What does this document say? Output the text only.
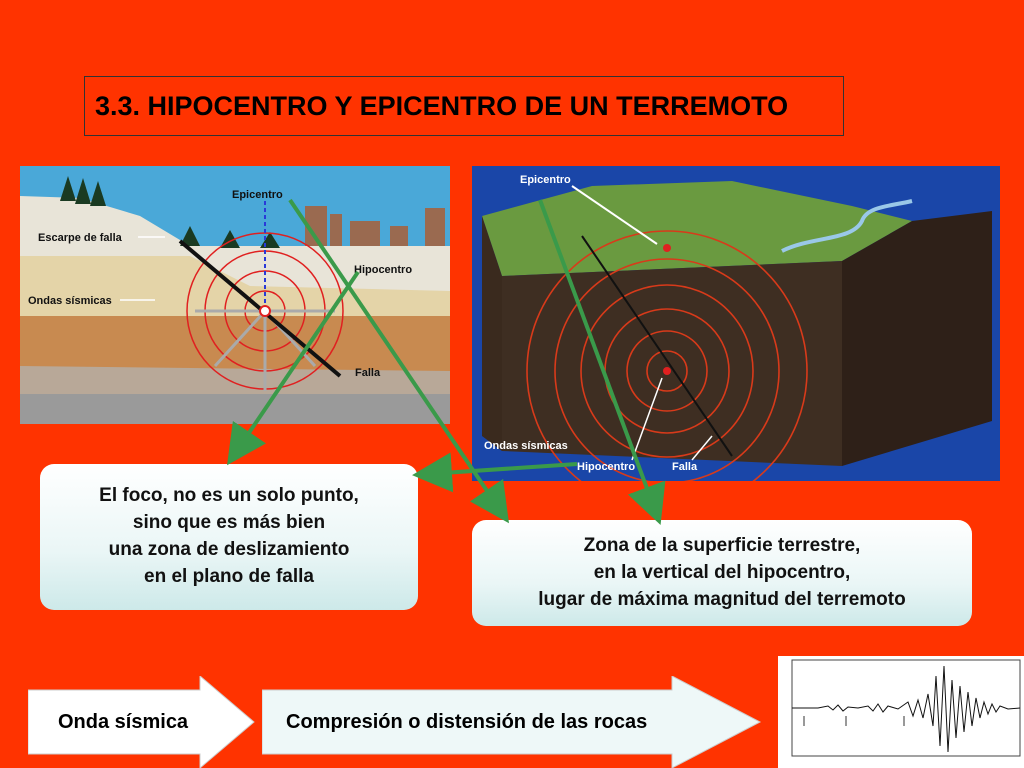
3.3. HIPOCENTRO Y EPICENTRO DE UN TERREMOTO
Epicentro
Escarpe de falla
Hipocentro
Ondas sísmicas
Falla
Epicentro
Ondas sísmicas
Hipocentro	Falla
El foco, no es un solo punto,
sino que es más bien
una zona de deslizamiento
en el plano de falla
Zona de la superficie terrestre,
en la vertical del hipocentro,
lugar de máxima magnitud del terremoto
Onda sísmica	Compresión o distensión de las rocas
